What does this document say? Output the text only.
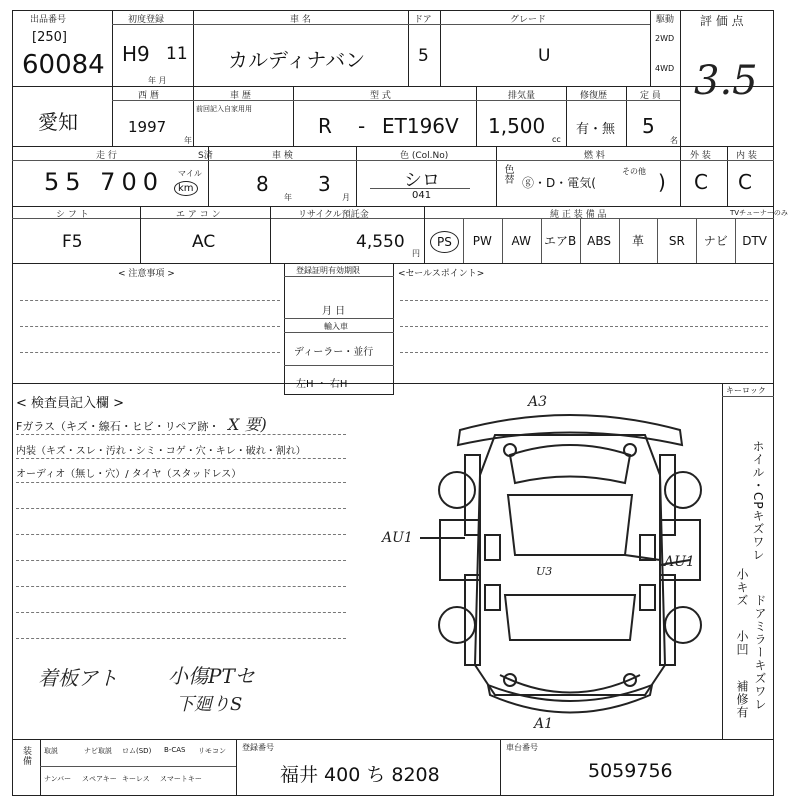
出品番号
[250]
60084
初度登録
H9 11
年 月
車 名
カルディナバン
ドア
5
グレード
U
駆動
2WD
4WD
評 価 点
3.5
愛知
西 暦
1997
年
車 歴
前回記入自家用用
型 式
R - ET196V
排気量
1,500
cc
修復歴
有・無
定 員
5
名
走 行	S済
55 700 マイル
km
車 検
8
年
3
月
色 (Col.No)
シロ
041
色替
燃 料
ⓖ・D・電気(
その他 )
外 装
C
内 装
C
シ フ ト
F5
エ ア コ ン
AC
リサイクル預託金
4,550
円
純 正 装 備 品	TVチューナーのみ
PS	PW	AW	エアB ABS	革	SR	ナビ	DTV
< 注意事項 >	登録証明有効期限
月 日
輸入車
ディーラー・並行
左H ・ 右H
<セールスポイント>
< 検査員記入欄 >
Fガラス（キズ・線石・ヒビ・リペア跡・ X 要)
内装（キズ・スレ・汚れ・シミ・コゲ・穴・キレ・破れ・割れ）
オーディオ（無し・穴）/ タイヤ（スタッドレス）
着板アト	小傷PTセ
下廻りS
A3
AU1
AU1
U3
A1
キーロック
ホイル・CPキズワレ
ドアミラーキズワレ
小キズ
小凹
補修有
装備 取説	ナビ取説 ロム(SD) B-CAS リモコン
ナンバー スペアキー キーレス スマートキー
登録番号
福井 400 ち 8208
車台番号
5059756
